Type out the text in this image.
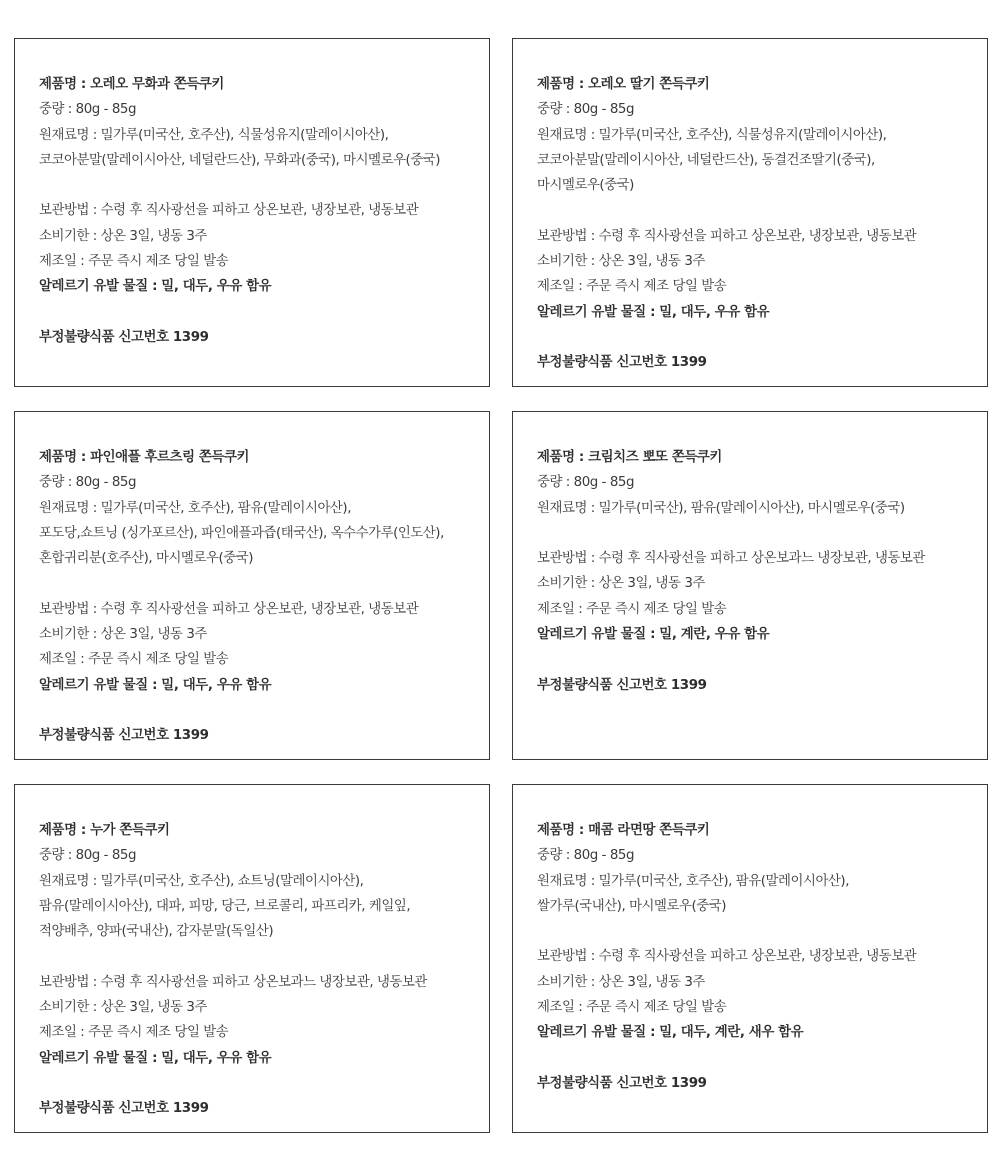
제품명 : 오레오 무화과 쫀득쿠키
중량 : 80g - 85g
원재료명 : 밀가루(미국산, 호주산), 식물성유지(말레이시아산),
코코아분말(말레이시아산, 네덜란드산), 무화과(중국), 마시멜로우(중국)
보관방법 : 수령 후 직사광선을 피하고 상온보관, 냉장보관, 냉동보관
소비기한 : 상온 3일, 냉동 3주
제조일 : 주문 즉시 제조 당일 발송
알레르기 유발 물질 : 밀, 대두, 우유 함유
부정불량식품 신고번호 1399
제품명 : 오레오 딸기 쫀득쿠키
중량 : 80g - 85g
원재료명 : 밀가루(미국산, 호주산), 식물성유지(말레이시아산),
코코아분말(말레이시아산, 네덜란드산), 동결건조딸기(중국),
마시멜로우(중국)
보관방법 : 수령 후 직사광선을 피하고 상온보관, 냉장보관, 냉동보관
소비기한 : 상온 3일, 냉동 3주
제조일 : 주문 즉시 제조 당일 발송
알레르기 유발 물질 : 밀, 대두, 우유 함유
부정불량식품 신고번호 1399
제품명 : 파인애플 후르츠링 쫀득쿠키
중량 : 80g - 85g
원재료명 : 밀가루(미국산, 호주산), 팜유(말레이시아산),
포도당,쇼트닝 (싱가포르산), 파인애플과즙(태국산), 옥수수가루(인도산),
혼합귀리분(호주산), 마시멜로우(중국)
보관방법 : 수령 후 직사광선을 피하고 상온보관, 냉장보관, 냉동보관
소비기한 : 상온 3일, 냉동 3주
제조일 : 주문 즉시 제조 당일 발송
알레르기 유발 물질 : 밀, 대두, 우유 함유
부정불량식품 신고번호 1399
제품명 : 크림치즈 뽀또 쫀득쿠키
중량 : 80g - 85g
원재료명 : 밀가루(미국산), 팜유(말레이시아산), 마시멜로우(중국)
보관방법 : 수령 후 직사광선을 피하고 상온보과느 냉장보관, 냉동보관
소비기한 : 상온 3일, 냉동 3주
제조일 : 주문 즉시 제조 당일 발송
알레르기 유발 물질 : 밀, 계란, 우유 함유
부정불량식품 신고번호 1399
제품명 : 누가 쫀득쿠키
중량 : 80g - 85g
원재료명 : 밀가루(미국산, 호주산), 쇼트닝(말레이시아산),
팜유(말레이시아산), 대파, 피망, 당근, 브로콜리, 파프리카, 케일잎,
적양배추, 양파(국내산), 감자분말(독일산)
보관방법 : 수령 후 직사광선을 피하고 상온보과느 냉장보관, 냉동보관
소비기한 : 상온 3일, 냉동 3주
제조일 : 주문 즉시 제조 당일 발송
알레르기 유발 물질 : 밀, 대두, 우유 함유
부정불량식품 신고번호 1399
제품명 : 매콤 라면땅 쫀득쿠키
중량 : 80g - 85g
원재료명 : 밀가루(미국산, 호주산), 팜유(말레이시아산),
쌀가루(국내산), 마시멜로우(중국)
보관방법 : 수령 후 직사광선을 피하고 상온보관, 냉장보관, 냉동보관
소비기한 : 상온 3일, 냉동 3주
제조일 : 주문 즉시 제조 당일 발송
알레르기 유발 물질 : 밀, 대두, 계란, 새우 함유
부정불량식품 신고번호 1399
